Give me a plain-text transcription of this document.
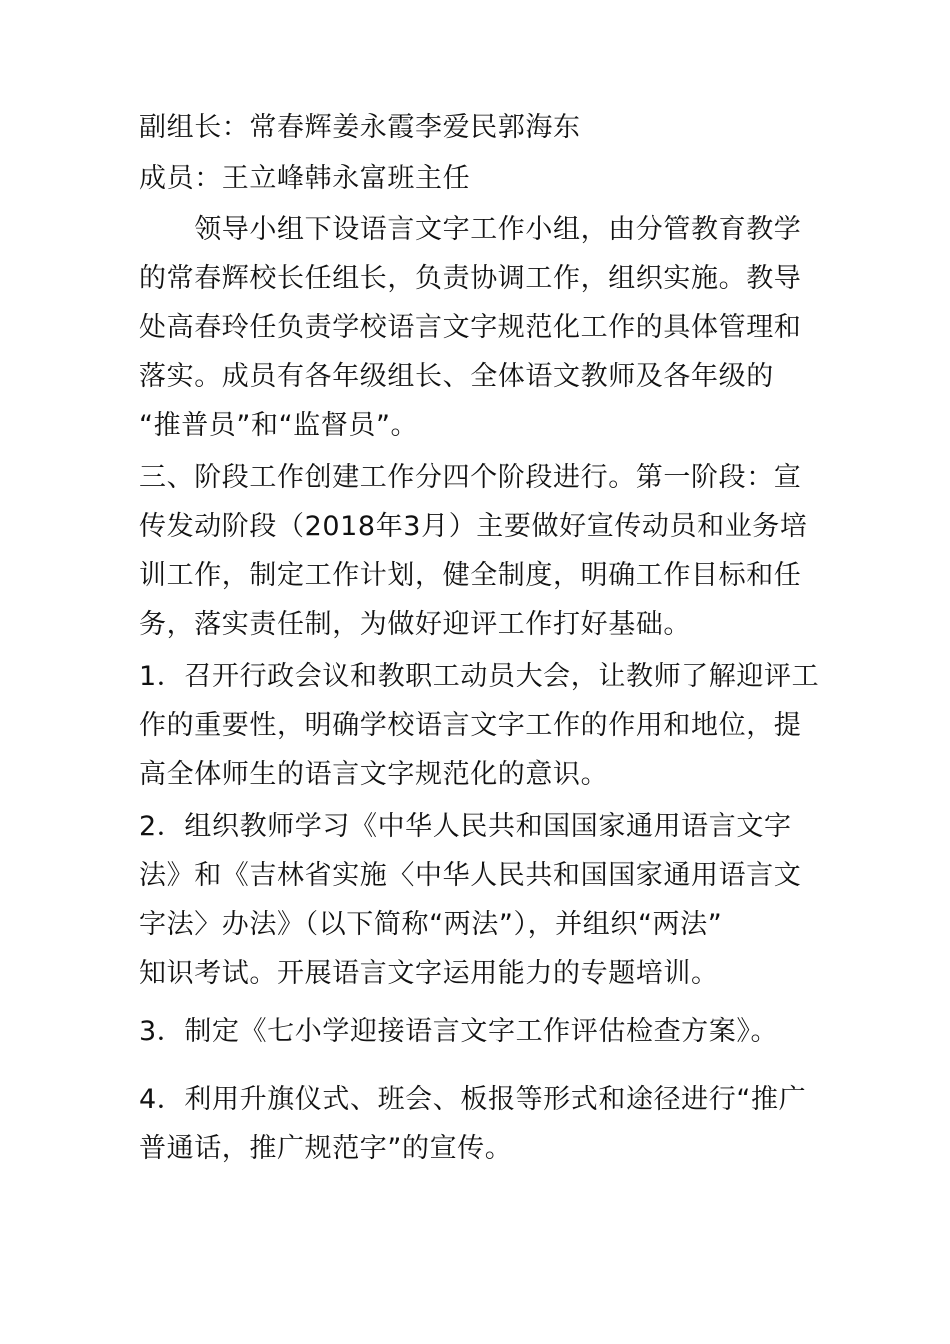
副组长：常春辉姜永霞李爱民郭海东
成员：王立峰韩永富班主任
　　领导小组下设语言文字工作小组，由分管教育教学
的常春辉校长任组长，负责协调工作，组织实施。教导
处高春玲任负责学校语言文字规范化工作的具体管理和
落实。成员有各年级组长、全体语文教师及各年级的
“推普员”和“监督员”。
三、阶段工作创建工作分四个阶段进行。第一阶段：宣
传发动阶段（2018年3月）主要做好宣传动员和业务培
训工作，制定工作计划，健全制度，明确工作目标和任
务，落实责任制，为做好迎评工作打好基础。
1．召开行政会议和教职工动员大会，让教师了解迎评工
作的重要性，明确学校语言文字工作的作用和地位，提
高全体师生的语言文字规范化的意识。
2．组织教师学习《中华人民共和国国家通用语言文字
法》和《吉林省实施〈中华人民共和国国家通用语言文
字法〉办法》（以下简称“两法”），并组织“两法”
知识考试。开展语言文字运用能力的专题培训。
3．制定《七小学迎接语言文字工作评估检查方案》。
4．利用升旗仪式、班会、板报等形式和途径进行“推广
普通话，推广规范字”的宣传。
